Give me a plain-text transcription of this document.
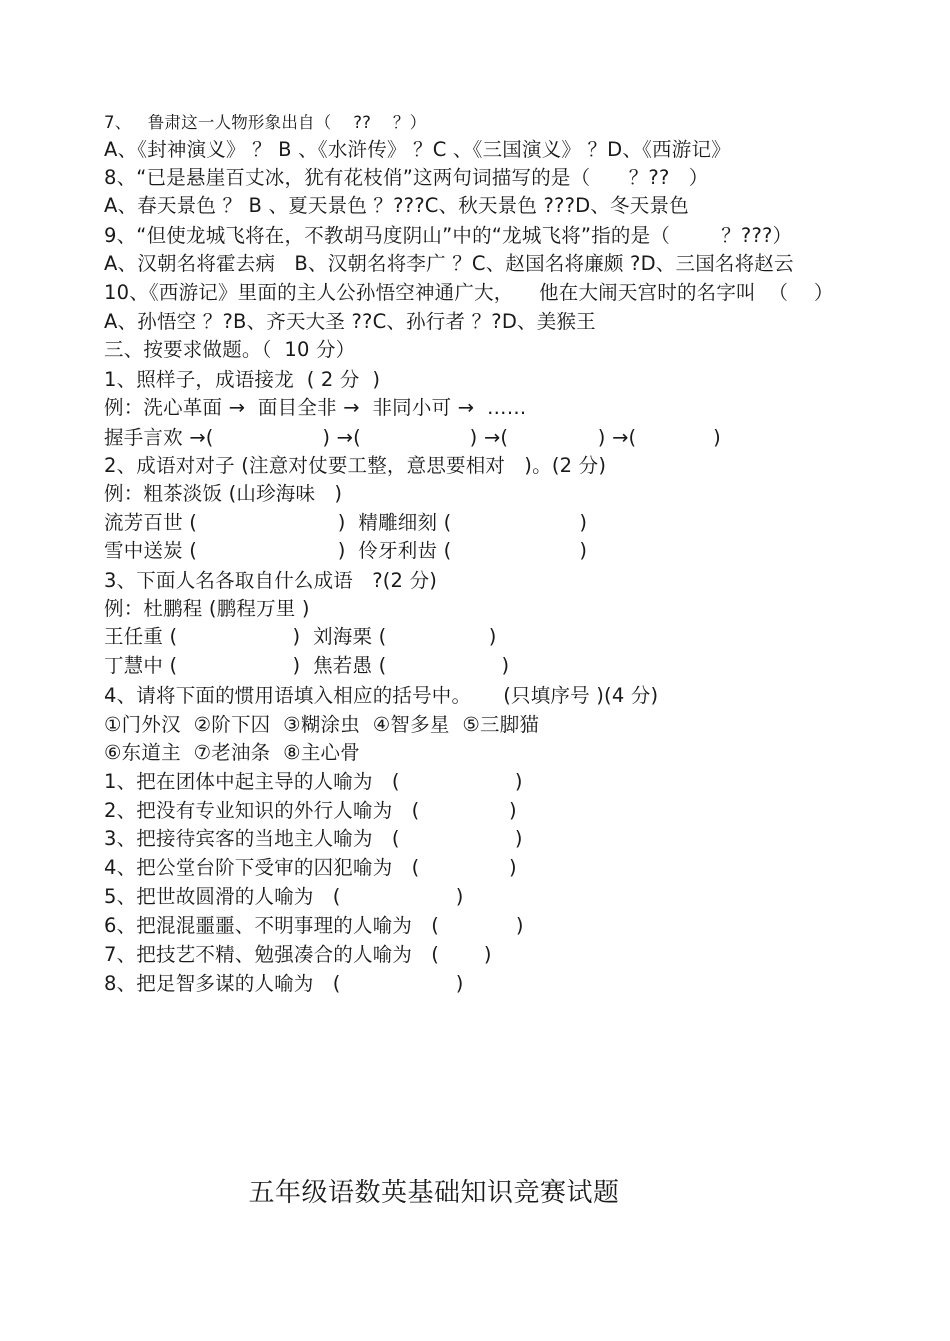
7、   鲁肃这一人物形象出自（    ??    ？）

A、《封神演义》 ？ B 、《水浒传》 ？C 、《三国演义》 ？D、《西游记》

8、“已是悬崖百丈冰，犹有花枝俏”这两句词描写的是（      ？??   ）

A、春天景色 ？ B 、夏天景色 ？???C、秋天景色 ???D、冬天景色

9、“但使龙城飞将在，不教胡马度阴山”中的“龙城飞将”指的是（        ？???）

A、汉朝名将霍去病   B、汉朝名将李广 ？C、赵国名将廉颇 ?D、三国名将赵云

10、《西游记》里面的主人公孙悟空神通广大，    他在大闹天宫时的名字叫  （    ）

A、孙悟空 ？?B、齐天大圣 ??C、孙行者 ？?D、美猴王

三、按要求做题。（  10 分）

1、照样子，成语接龙  ( 2 分  )

例：洗心革面 →  面目全非 →  非同小可 →  ……

握手言欢 →(                 ) →(                 ) →(              ) →(            )

2、成语对对子 (注意对仗要工整，意思要相对   )。(2 分)

例：粗茶淡饭 (山珍海味   )

流芳百世 (                      )  精雕细刻 (                    )

雪中送炭 (                      )  伶牙利齿 (                    )

3、下面人名各取自什么成语   ?(2 分)

例：杜鹏程 (鹏程万里 )

王任重 (                  )  刘海栗 (                )

丁慧中 (                  )  焦若愚 (                  )

4、请将下面的惯用语填入相应的括号中。     (只填序号 )(4 分)

①门外汉  ②阶下囚  ③糊涂虫  ④智多星  ⑤三脚猫

⑥东道主  ⑦老油条  ⑧主心骨

1、把在团体中起主导的人喻为   (                  )

2、把没有专业知识的外行人喻为   (              )

3、把接待宾客的当地主人喻为   (                  )

4、把公堂台阶下受审的囚犯喻为   (              )

5、把世故圆滑的人喻为   (                  )

6、把混混噩噩、不明事理的人喻为   (            )

7、把技艺不精、勉强凑合的人喻为   (       )

8、把足智多谋的人喻为   (                  )

五年级语数英基础知识竞赛试题
